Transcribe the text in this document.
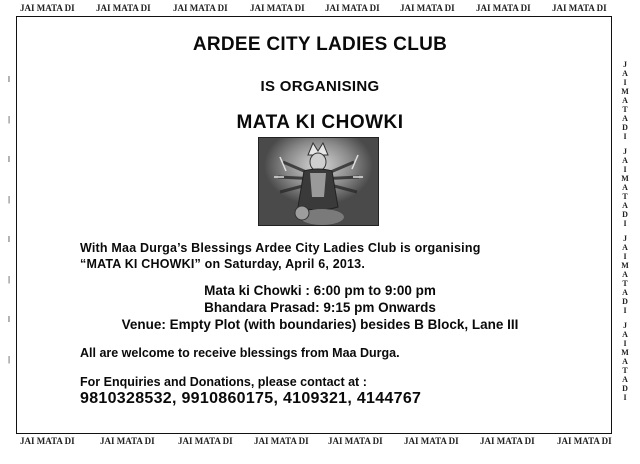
JAI MATA DI JAI MATA DI JAI MATA DI JAI MATA DI JAI MATA DI JAI MATA DI JAI MATA DI JAI MATA DI
JAI MATA DI	JAI MATA DI	JAI MATA DI JAI MATA DI JAI MATA DI JAI MATA DI JAI MATA DI JAI MATA DI
J
A
I
M
A
T
A
D
I
J
A
I
M
A
T
A
D
I
J
A
I
M
A
T
A
D
I
J
A
I
M
A
T
A
D
I
I
|
I
|
I
|
I
|
ARDEE CITY LADIES CLUB
IS ORGANISING
MATA KI CHOWKI
With Maa Durga’s Blessings Ardee City Ladies Club is organising
“MATA KI CHOWKI” on Saturday, April 6, 2013.
Mata ki Chowki : 6:00 pm to 9:00 pm
Bhandara Prasad: 9:15 pm Onwards
Venue: Empty Plot (with boundaries) besides B Block, Lane III
All are welcome to receive blessings from Maa Durga.
For Enquiries and Donations, please contact at :
9810328532, 9910860175, 4109321, 4144767
